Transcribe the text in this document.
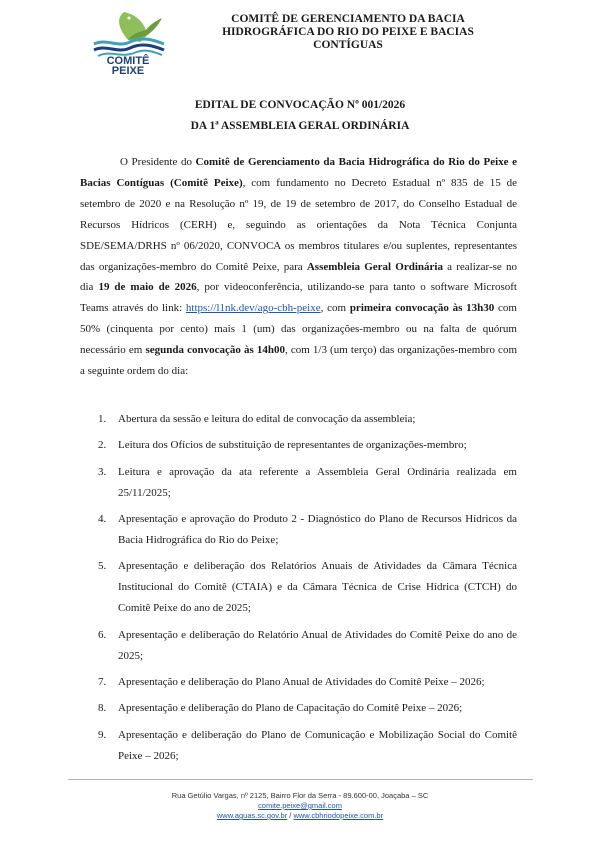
COMITÊ
PEIXE
COMITÊ DE GERENCIAMENTO DA BACIA
HIDROGRÁFICA DO RIO DO PEIXE E BACIAS
CONTÍGUAS
EDITAL DE CONVOCAÇÃO Nº 001/2026
DA 1ª ASSEMBLEIA GERAL ORDINÁRIA
O Presidente do Comitê de Gerenciamento da Bacia Hidrográfica do Rio do Peixe e Bacias Contíguas (Comitê Peixe), com fundamento no Decreto Estadual nº 835 de 15 de setembro de 2020 e na Resolução nº 19, de 19 de setembro de 2017, do Conselho Estadual de Recursos Hídricos (CERH) e, seguindo as orientações da Nota Técnica Conjunta SDE/SEMA/DRHS nº 06/2020, CONVOCA os membros titulares e/ou suplentes, representantes das organizações-membro do Comitê Peixe, para Assembleia Geral Ordinária a realizar-se no dia 19 de maio de 2026, por videoconferência, utilizando-se para tanto o software Microsoft Teams através do link: https://l1nk.dev/ago-cbh-peixe, com primeira convocação às 13h30 com 50% (cinquenta por cento) mais 1 (um) das organizações-membro ou na falta de quórum necessário em segunda convocação às 14h00, com 1/3 (um terço) das organizações-membro com a seguinte ordem do dia:
1. Abertura da sessão e leitura do edital de convocação da assembleia;
2. Leitura dos Ofícios de substituição de representantes de organizações-membro;
3. Leitura e aprovação da ata referente a Assembleia Geral Ordinária realizada em 25/11/2025;
4. Apresentação e aprovação do Produto 2 - Diagnóstico do Plano de Recursos Hídricos da Bacia Hidrográfica do Rio do Peixe;
5. Apresentação e deliberação dos Relatórios Anuais de Atividades da Câmara Técnica Institucional do Comitê (CTAIA) e da Câmara Técnica de Crise Hídrica (CTCH) do Comitê Peixe do ano de 2025;
6. Apresentação e deliberação do Relatório Anual de Atividades do Comitê Peixe do ano de 2025;
7. Apresentação e deliberação do Plano Anual de Atividades do Comitê Peixe – 2026;
8. Apresentação e deliberação do Plano de Capacitação do Comitê Peixe – 2026;
9. Apresentação e deliberação do Plano de Comunicação e Mobilização Social do Comitê Peixe – 2026;
Rua Getúlio Vargas, nº 2125, Bairro Flor da Serra - 89.600-00, Joaçaba – SC
comite.peixe@gmail.com
www.aguas.sc.gov.br / www.cbhriodopeixe.com.br
